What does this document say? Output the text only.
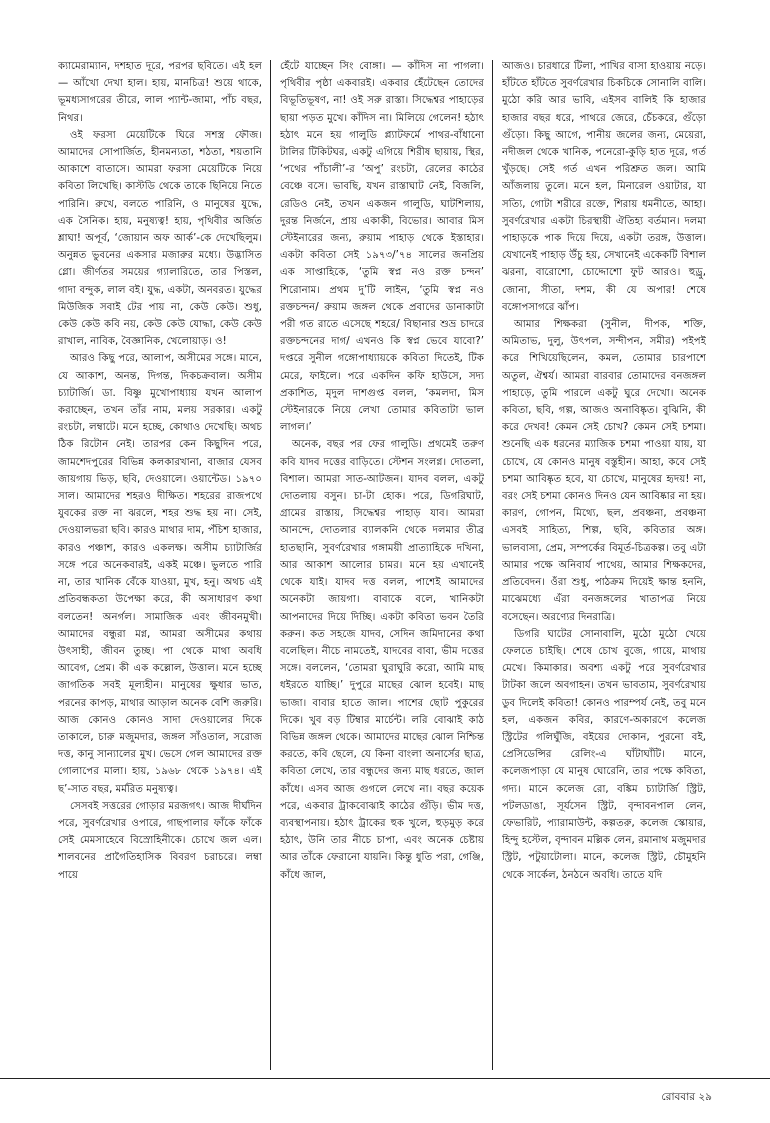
ক্যামেরাম্যান, দশহাত দূরে, পরপর ছবিতে। এই হল — আঁখো দেখা হাল। হায়, মানচিত্র! শুয়ে থাকে, ভূমধ্যসাগরের তীরে, লাল প্যান্ট-জামা, পাঁচ বছর, নিথর।

ওই ফরসা মেয়েটিকে ঘিরে সশস্ত্র ফৌজ। আমাদের সোপার্জিত, হীনমন্যতা, শঠতা, শয়তানি আকাশে বাতাসে। আমরা ফরসা মেয়েটিকে নিয়ে কবিতা লিখেছি। কাস্টডি থেকে তাকে ছিনিয়ে নিতে পারিনি। রুখে, বলতে পারিনি, ও মানুষের যুদ্ধে, এক সৈনিক। হায়, মনুষ্যত্ব! হায়, পৃথিবীর অর্জিত শ্লাঘা! অপূর্ব, ‘জোয়ান অফ আর্ক’-কে দেখেছিলুম। অনুন্নত ভুবনের একসার মজারুর মধ্যে। উদ্ভাসিত গ্লো। জীর্ণতর সময়ের গ্যালারিতে, তার পিস্তল, গাদা বন্দুক, লাল বই। যুদ্ধ, একটা, অনবরত। যুদ্ধের মিউজিক সবাই টের পায় না, কেউ কেউ। শুধু, কেউ কেউ কবি নয়, কেউ কেউ যোদ্ধা, কেউ কেউ রাখাল, নাবিক, বৈজ্ঞানিক, খেলোয়াড়। ও!

আরও কিছু পরে, আলাপ, অসীমের সঙ্গে। মানে, যে আকাশ, অনন্ত, দিগন্ত, দিকচক্রবাল। অসীম চ্যাটার্জি। ডা. বিষ্ণু মুখোপাধ্যায় যখন আলাপ করাচ্ছেন, তখন তাঁর নাম, মলয় সরকার। একটু রংচটা, লম্বাটে। মনে হচ্ছে, কোথাও দেখেছি। অথচ ঠিক রিটোন নেই। তারপর কেন কিছুদিন পরে, জামশেদপুরের বিভিন্ন কলকারখানা, বাজার যেসব জায়গায় ভিড়, ছবি, দেওয়ালে। ওয়ান্টেড। ১৯৭০ সাল। আমাদের শহরও দীক্ষিত। শহরের রাজপথে যুবকের রক্ত না ঝরলে, শহর শুদ্ধ হয় না। সেই, দেওয়ালভরা ছবি। কারও মাথার দাম, পঁচিশ হাজার, কারও পঞ্চাশ, কারও একলক্ষ। অসীম চ্যাটার্জির সঙ্গে পরে অনেকবারই, একই মঞ্চে। ভুলতে পারি না, তার খানিক বেঁকে যাওয়া, মুখ, হনু। অথচ এই প্রতিবন্ধকতা উপেক্ষা করে, কী অসাধারণ কথা বলতেন! অনর্গল। সামাজিক এবং জীবনমুখী। আমাদের বন্ধুরা মগ্ন, আমরা অসীমের কথায় উৎসাহী, জীবন তুচ্ছ। পা থেকে মাথা অবধি আবেগ, প্রেম। কী এক কল্লোল, উত্তাল। মনে হচ্ছে জাগতিক সবই মূল্যহীন। মানুষের ক্ষুধার ভাত, পরনের কাপড়, মাথার আড়াল অনেক বেশি জরুরি। আজ কোনও কোনও সাদা দেওয়ালের দিকে তাকালে, চারু মজুমদার, জঙ্গল সাঁওতাল, সরোজ দত্ত, কানু সান্যালের মুখ। ভেসে গেল আমাদের রক্ত গোলাপের মালা। হায়, ১৯৬৮ থেকে ১৯৭৪। এই ছ’-সাত বছর, মর্মরিত মনুষ্যত্ব।

সেসবই সত্তরের গোড়ার মরজগৎ। আজ দীর্ঘদিন পরে, সুবর্ণরেখার ওপারে, গাছপালার ফাঁকে ফাঁকে সেই মেমসাহেবে বিস্রোহিনীকে। চোখে জল এল। শালবনের প্রাগৈতিহাসিক বিবরণ চরাচরে। লম্বা পায়ে

হেঁটে যাচ্ছেন সিং বোঙ্গা। — কাঁদিস না পাগলা। পৃথিবীর পৃষ্ঠা একবারই। একবার হেঁটেছেন তোদের বিভূতিভূষণ, না! ওই সরু রাস্তা। সিদ্ধেশ্বর পাহাড়ের ছায়া পড়ত মুখে। কাঁদিস না। মিলিয়ে গেলেন! হঠাৎ হঠাৎ মনে হয় গালুডি প্ল্যাটফর্মে পাথর-বাঁধানো টালির টিকিটঘর, একটু এগিয়ে শিরীষ ছায়ায়, স্থির, ‘পথের পাঁচালী’-র ‘অপু’ রংচটা, রেলের কাঠের বেঞ্চে বসে। ভাবছি, যখন রাস্তাঘাট নেই, বিজলি, রেডিও নেই, তখন একজন গালুডি, ঘাটশিলায়, দুরন্ত নির্জনে, প্রায় একাকী, বিভোর। আবার মিস স্টেইনারের জন্য, রুয়াম পাহাড় থেকে ইস্তাহার। একটা কবিতা সেই ১৯৭৩/’৭৪ সালের জনপ্রিয় এক সাপ্তাহিকে, ‘তুমি স্বপ্ন নও রক্ত চন্দন’ শিরোনাম। প্রথম দু’টি লাইন, ‘তুমি স্বপ্ন নও রক্তচন্দন/ রুয়াম জঙ্গল থেকে প্রবাদের ডানাকাটা পরী গত রাতে এসেছে শহরে/ বিছানার শুভ্র চাদরে রক্তচন্দনের দাগ/ এখনও কি স্বপ্ন ভেবে যাবো?’ দপ্তরে সুনীল গঙ্গোপাধ্যায়কে কবিতা দিতেই, টিক মেরে, ফাইলে। পরে একদিন কফি হাউসে, সদ্য প্রকাশিত, মৃদুল দাশগুপ্ত বলল, ‘কমলদা, মিস স্টেইনারকে নিয়ে লেখা তোমার কবিতাটা ভাল লাগল।’

অনেক, বছর পর ফের গালুডি। প্রথমেই তরুণ কবি যাদব দত্তের বাড়িতে। স্টেশন সংলগ্ন। দোতলা, বিশাল। আমরা সাত-আটজন। যাদব বলল, একটু দোতলায় বসুন। চা-টা হোক। পরে, ডিগরিঘাট, গ্রামের রাস্তায়, সিদ্ধেশ্বর পাহাড় যাব। আমরা আনন্দে, দোতলার ব্যালকনি থেকে দলমার তীব্র হাতছানি, সুবর্ণরেখার গঙ্গাময়ী প্রাত্যাহিকে দখিনা, আর আকাশ আলোর চামর। মনে হয় এখানেই থেকে যাই। যাদব দত্ত বলল, পাশেই আমাদের অনেকটা জায়গা। বাবাকে বলে, খানিকটা আপনাদের দিয়ে দিচ্ছি। একটা কবিতা ভবন তৈরি করুন। কত সহজে যাদব, সেদিন জমিদানের কথা বলেছিল। নীচে নামতেই, যাদবের বাবা, ভীম দত্তের সঙ্গে। বললেন, ‘তোমরা ঘুরাঘুরি করো, আমি মাছ ধইরতে যাচ্ছি।’ দুপুরে মাছের ঝোল হবেই। মাছ ভাজা। বাবার হাতে জাল। পাশের ছোট পুকুরের দিকে। খুব বড় টিম্বার মার্চেন্ট। লরি বোঝাই কাঠ বিভিন্ন জঙ্গল থেকে। আমাদের মাছের ঝোল নিশ্চিন্ত করতে, কবি ছেলে, যে কিনা বাংলা অনার্সের ছাত্র, কবিতা লেখে, তার বন্ধুদের জন্য মাছ ধরতে, জাল কাঁধে। এসব আজ গুগলে লেখে না। বছর কয়েক পরে, একবার ট্রাকবোঝাই কাঠের গুঁড়ি। ভীম দত্ত, ব্যবস্থাপনায়। হঠাৎ ট্রাকের হুক খুলে, হুড়মুড় করে হঠাৎ, উনি তার নীচে চাপা, এবং অনেক চেষ্টায় আর তাঁকে ফেরানো যায়নি। কিন্তু ধুতি পরা, গেঞ্জি, কাঁধে জাল,

আজও। চারধারে টিলা, পাখির বাসা হাওয়ায় নড়ে। হাঁটতে হাঁটতে সুবর্ণরেখার চিকচিকে সোনালি বালি। মুঠো করি আর ভাবি, এইসব বালিই কি হাজার হাজার বছর ধরে, পাথরে জেরে, চেঁচকরে, গুঁড়ো গুঁড়ো। কিছু আগে, পানীয় জলের জন্য, মেয়েরা, নদীজল থেকে খানিক, পনেরো-কুড়ি হাত দূরে, গর্ত খুঁড়ছে। সেই গর্ত এখন পরিশ্রুত জল। আমি আঁজলায় তুলে। মনে হল, মিনারেল ওয়াটার, যা সত্যি, গোটা শরীরে রক্তে, শিরায় ধমনীতে, আহা। সুবর্ণরেখার একটা চিরস্থায়ী ঐতিহ্য বর্তমান। দলমা পাহাড়কে পাক দিয়ে দিয়ে, একটা তরঙ্গ, উত্তাল। যেখানেই পাহাড় উঁচু হয়, সেখানেই একেকটি বিশাল ঝরনা, বারোশো, চোদ্দোশো ফুট আরও। হুড্রু, জোনা, সীতা, দশম, কী যে অপার! শেষে বঙ্গোপসাগরে ঝাঁপ।

আমার শিক্ষকরা (সুনীল, দীপক, শক্তি, অমিতাভ, দুলু, উৎপল, সন্দীপন, সমীর) পইপই করে শিখিয়েছিলেন, কমল, তোমার চারপাশে অতুল, ঐশ্বর্য। আমরা বারবার তোমাদের বনজঙ্গল পাহাড়ে, তুমি পারলে একটু ঘুরে দেখো। অনেক কবিতা, ছবি, গল্প, আজও অনাবিষ্কৃত। বুঝিনি, কী করে দেখব! কেমন সেই চোখ? কেমন সেই চশমা। শুনেছি এক ধরনের ম্যাজিক চশমা পাওয়া যায়, যা চোখে, যে কোনও মানুষ বস্তুহীন। আহা, কবে সেই চশমা আবিষ্কৃত হবে, যা চোখে, মানুষের হৃদয়! না, বরং সেই চশমা কোনও দিনও যেন আবিষ্কার না হয়। কারণ, গোপন, মিথ্যে, ছল, প্রবঞ্চনা, প্রবঞ্চনা এসবই সাহিত্য, শিল্প, ছবি, কবিতার অঙ্গ। ভালবাসা, প্রেম, সম্পর্কের বিমূর্ত-চিত্রকল্প। তবু এটা আমার পক্ষে অনিবার্য পাথেয়, আমার শিক্ষকদের, প্রতিবেদন। ওঁরা শুধু, পাঠক্রম দিয়েই ক্ষান্ত হননি, মাঝেমধ্যে এঁরা বনজঙ্গলের খাতাপত্র নিয়ে বসেছেন। অরণ্যের দিনরাত্রি।

ডিগরি ঘাটের সোনাবালি, মুঠো মুঠো খেয়ে ফেলতে চাইছি। শেষে চোখ বুজে, গায়ে, মাথায় মেখে। কিমাকার। অবশ্য একটু পরে সুবর্ণরেখার টাটকা জলে অবগাহন। তখন ভাবতাম, সুবর্ণরেখায় ডুব দিলেই কবিতা! কোনও পারম্পর্য নেই, তবু মনে হল, একজন কবির, কারণে-অকারণে কলেজ স্ট্রিটের গলিঘুঁজি, বইয়ের দোকান, পুরনো বই, প্রেসিডেন্সির রেলিং-এ ঘাঁটাঘাঁটি। মানে, কলেজপাড়া যে মানুষ ঘোরেনি, তার পক্ষে কবিতা, গদ্য। মানে কলেজ রো, বঙ্কিম চ্যাটার্জি স্ট্রিট, পটলডাঙা, সূর্যসেন স্ট্রিট, বৃন্দাবনপাল লেন, ফেভারিট, প্যারামাউন্ট, কল্পতরু, কলেজ স্কোয়ার, হিন্দু হস্টেল, বৃন্দাবন মল্লিক লেন, রমানাথ মজুমদার স্ট্রিট, পটুয়াটোলা। মানে, কলেজ স্ট্রিট, চৌমুহনি থেকে সার্কেল, ঠনঠনে অবধি। তাতে যদি

রোববার ২৯
